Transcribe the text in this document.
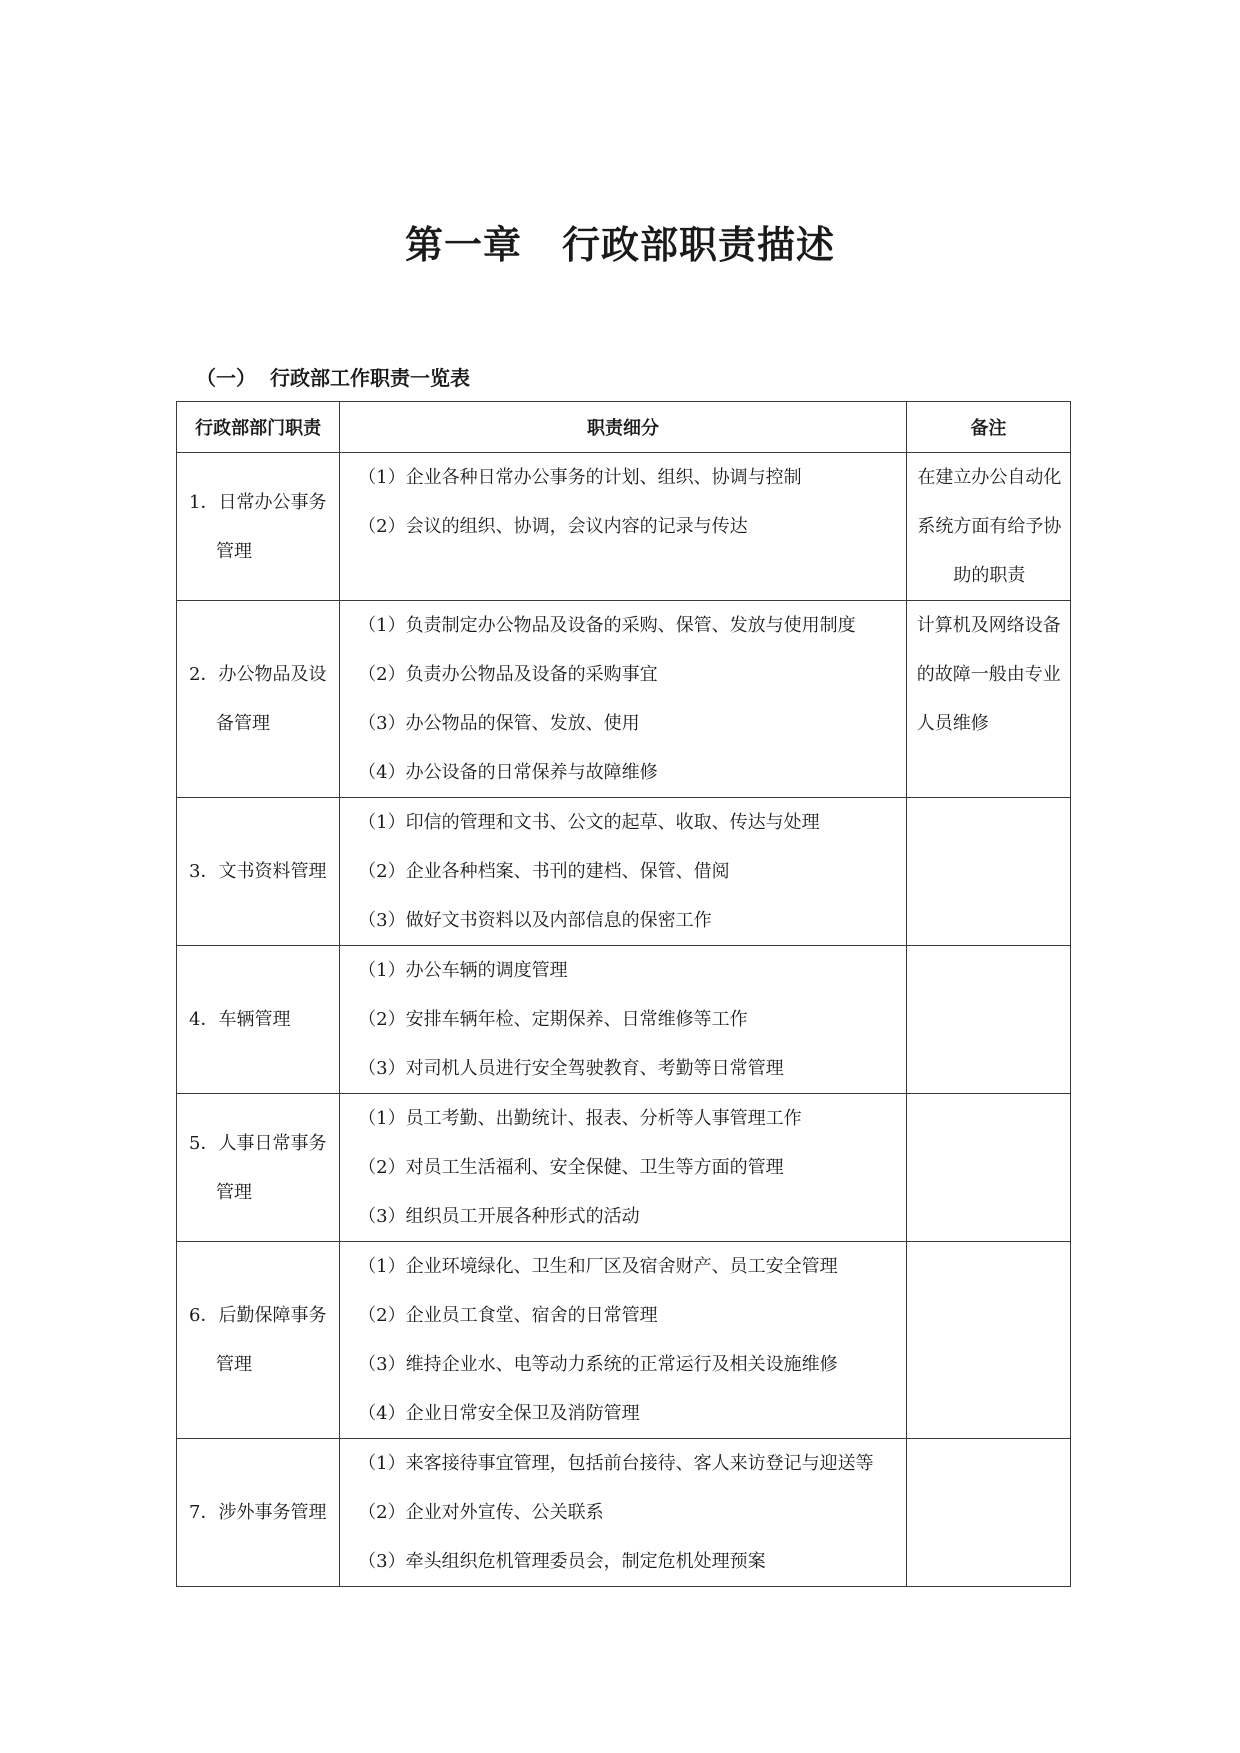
第一章 行政部职责描述
（一） 行政部工作职责一览表
行政部部门职责	职责细分	备注

1．日常办公事务管理	（1）企业各种日常办公事务的计划、组织、协调与控制
（2）会议的组织、协调，会议内容的记录与传达	在建立办公自动化系统方面有给予协助的职责

2．办公物品及设备管理	（1）负责制定办公物品及设备的采购、保管、发放与使用制度
（2）负责办公物品及设备的采购事宜
（3）办公物品的保管、发放、使用
（4）办公设备的日常保养与故障维修	计算机及网络设备的故障一般由专业人员维修

3．文书资料管理	（1）印信的管理和文书、公文的起草、收取、传达与处理
（2）企业各种档案、书刊的建档、保管、借阅
（3）做好文书资料以及内部信息的保密工作	

4．车辆管理	（1）办公车辆的调度管理
（2）安排车辆年检、定期保养、日常维修等工作
（3）对司机人员进行安全驾驶教育、考勤等日常管理	

5．人事日常事务管理	（1）员工考勤、出勤统计、报表、分析等人事管理工作
（2）对员工生活福利、安全保健、卫生等方面的管理
（3）组织员工开展各种形式的活动	

6．后勤保障事务管理	（1）企业环境绿化、卫生和厂区及宿舍财产、员工安全管理
（2）企业员工食堂、宿舍的日常管理
（3）维持企业水、电等动力系统的正常运行及相关设施维修
（4）企业日常安全保卫及消防管理	

7．涉外事务管理	（1）来客接待事宜管理，包括前台接待、客人来访登记与迎送等
（2）企业对外宣传、公关联系
（3）牵头组织危机管理委员会，制定危机处理预案	
